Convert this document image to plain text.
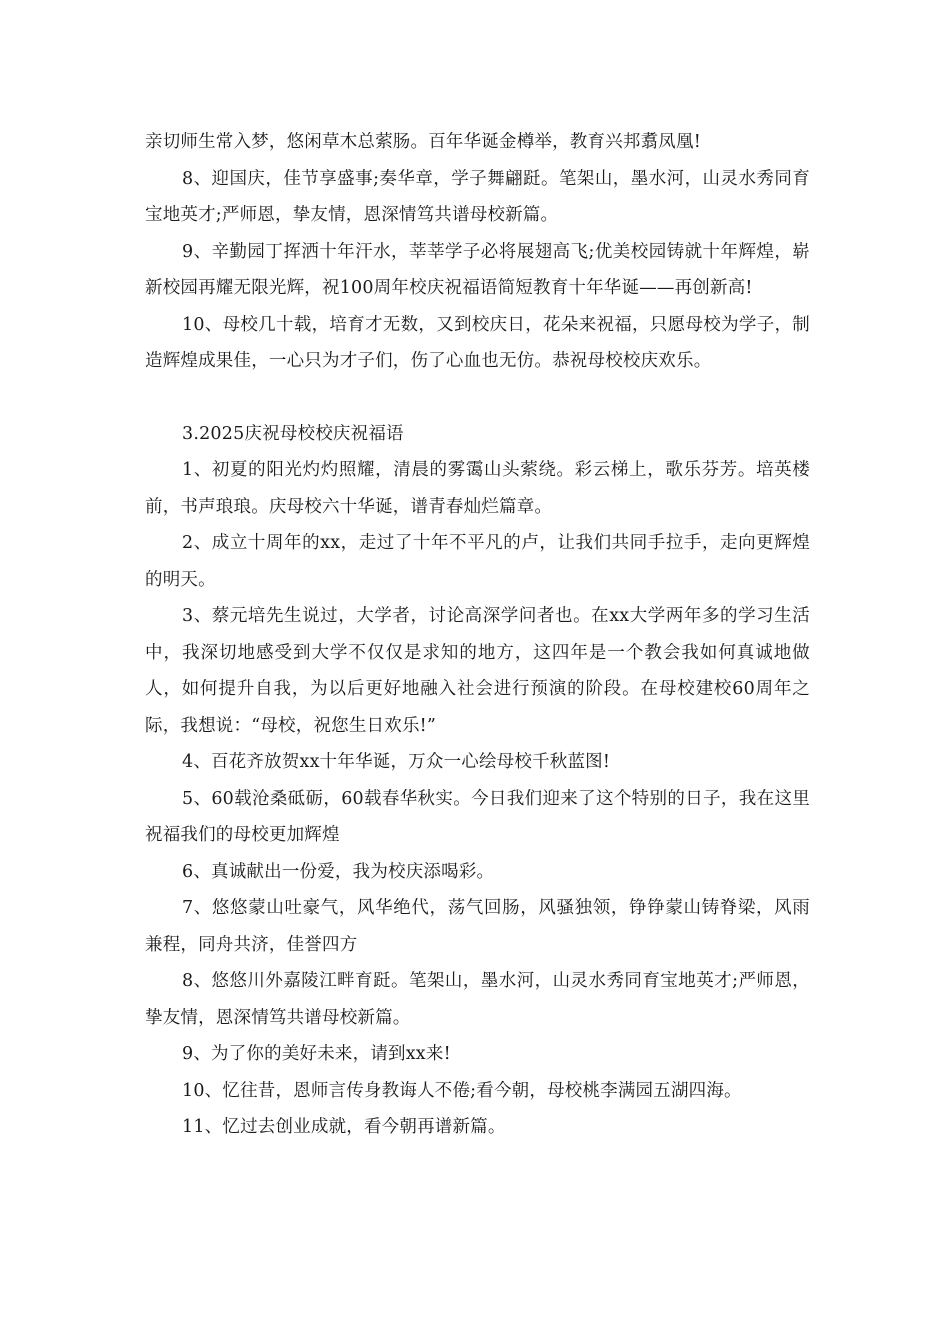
亲切师生常入梦，悠闲草木总萦肠。百年华诞金樽举，教育兴邦翥凤凰!

8、迎国庆，佳节享盛事;奏华章，学子舞翩跹。笔架山，墨水河，山灵水秀同育宝地英才;严师恩，挚友情，恩深情笃共谱母校新篇。

9、辛勤园丁挥洒十年汗水，莘莘学子必将展翅高飞;优美校园铸就十年辉煌，崭新校园再耀无限光辉，祝100周年校庆祝福语简短教育十年华诞——再创新高!

10、母校几十载，培育才无数，又到校庆日，花朵来祝福，只愿母校为学子，制造辉煌成果佳，一心只为才子们，伤了心血也无仿。恭祝母校校庆欢乐。

3.2025庆祝母校校庆祝福语

1、初夏的阳光灼灼照耀，清晨的雾霭山头萦绕。彩云梯上，歌乐芬芳。培英楼前，书声琅琅。庆母校六十华诞，谱青春灿烂篇章。

2、成立十周年的xx，走过了十年不平凡的卢，让我们共同手拉手，走向更辉煌的明天。

3、蔡元培先生说过，大学者，讨论高深学问者也。在xx大学两年多的学习生活中，我深切地感受到大学不仅仅是求知的地方，这四年是一个教会我如何真诚地做人，如何提升自我，为以后更好地融入社会进行预演的阶段。在母校建校60周年之际，我想说：“母校，祝您生日欢乐!”

4、百花齐放贺xx十年华诞，万众一心绘母校千秋蓝图!

5、60载沧桑砥砺，60载春华秋实。今日我们迎来了这个特别的日子，我在这里祝福我们的母校更加辉煌

6、真诚献出一份爱，我为校庆添喝彩。

7、悠悠蒙山吐豪气，风华绝代，荡气回肠，风骚独领，铮铮蒙山铸脊梁，风雨兼程，同舟共济，佳誉四方

8、悠悠川外嘉陵江畔育跹。笔架山，墨水河，山灵水秀同育宝地英才;严师恩，挚友情，恩深情笃共谱母校新篇。

9、为了你的美好未来，请到xx来!

10、忆往昔，恩师言传身教诲人不倦;看今朝，母校桃李满园五湖四海。

11、忆过去创业成就，看今朝再谱新篇。
